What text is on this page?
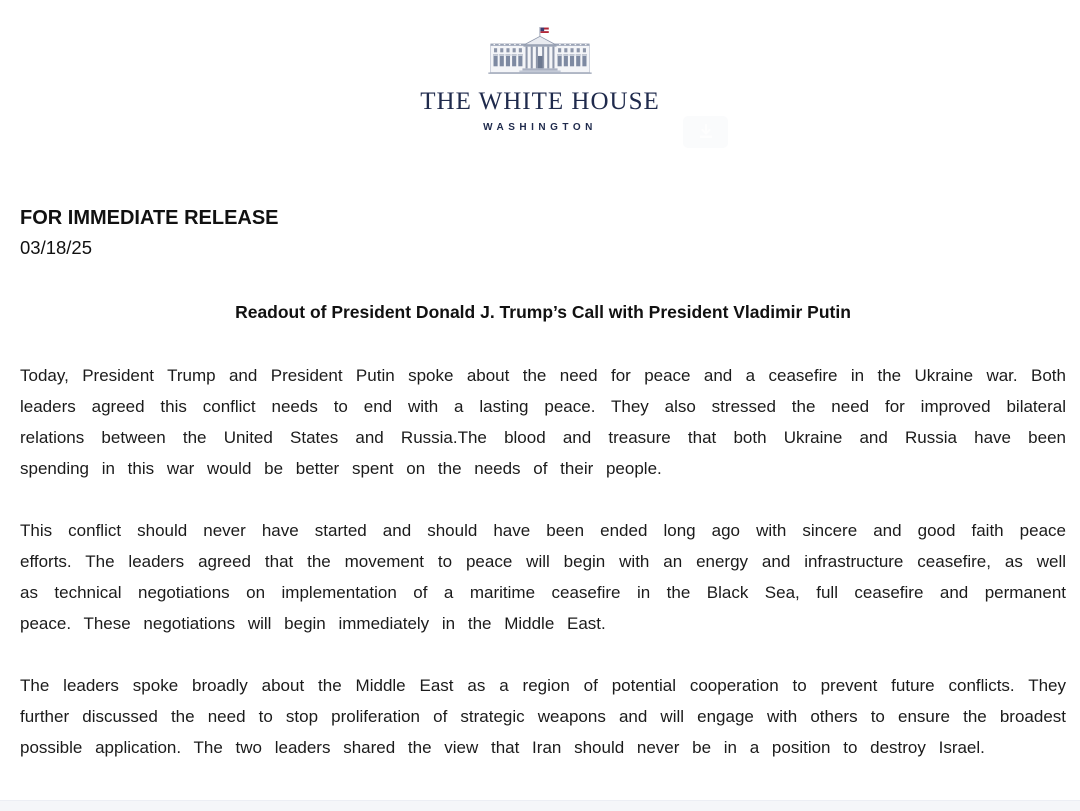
THE WHITE HOUSE
WASHINGTON
FOR IMMEDIATE RELEASE
03/18/25
Readout of President Donald J. Trump’s Call with President Vladimir Putin

Today, President Trump and President Putin spoke about the need for peace and a ceasefire in the Ukraine war. Both leaders agreed this conflict needs to end with a lasting peace. They also stressed the need for improved bilateral relations between the United States and Russia.The blood and treasure that both Ukraine and Russia have been spending in this war would be better spent on the needs of their people.

This conflict should never have started and should have been ended long ago with sincere and good faith peace efforts. The leaders agreed that the movement to peace will begin with an energy and infrastructure ceasefire, as well as technical negotiations on implementation of a maritime ceasefire in the Black Sea, full ceasefire and permanent peace. These negotiations will begin immediately in the Middle East.

The leaders spoke broadly about the Middle East as a region of potential cooperation to prevent future conflicts. They further discussed the need to stop proliferation of strategic weapons and will engage with others to ensure the broadest possible application. The two leaders shared the view that Iran should never be in a position to destroy Israel.
